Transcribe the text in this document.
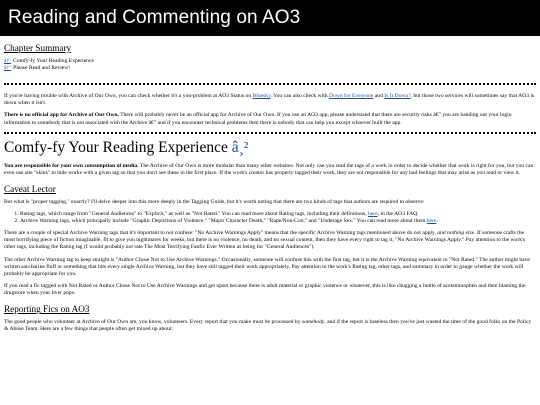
Reading and Commenting on AO3
Chapter Summary
â†’ Comfy-fy Your Reading Experience
â†’ Please Read and Review!

If you're having trouble with Archive of Our Own, you can check whether it's a you-problem at AO3 Status on Bluesky. You can also check with Down for Everyone and Is It Down?, but those two services will sometimes say that AO3 is down when it isn't.

There is no official app for Archive of Our Own. There will probably never be an official app for Archive of Our Own. If you use an AO3 app, please understand that there are security risks â€” you are handing out your login information to somebody that is not associated with the Archive â€” and if you encounter technical problems then there is nobody that can help you except whoever built the app.

Comfy-fy Your Reading Experience â¸²

You are responsible for your own consumption of media. The Archive of Our Own is more modular than many other websites: Not only can you read the tags of a work in order to decide whether that work is right for you, but you can even use site "skins" to hide works with a given tag so that you don't see these in the first place. If the work's creator has properly tagged their work, they are not responsible for any bad feelings that may arise as you read or view it.

Caveat Lector

But what is "proper tagging," exactly? I'll delve deeper into this more deeply in the Tagging Guide, but it's worth noting that there are two kinds of tags that authors are required to observe:

1. Rating tags, which range from "General Audiences" to "Explicit," as well as "Not Rated." You can read more about Rating tags, including their definitions, here, in the AO3 FAQ.
2. Archive Warning tags, which principally include "Graphic Depictions of Violence," "Major Character Death," "Rape/Non-Con," and "Underage Sex." You can read more about them here.

There are a couple of special Archive Warning tags that it's important to not confuse: "No Archive Warnings Apply" means that the specific Archive Warning tags mentioned above do not apply, and nothing else. If someone crafts the most horrifying piece of fiction imaginable, fit to give you nightmares for weeks, but there is no violence, no death, and no sexual content, then they have every right to tag it, "No Archive Warnings Apply." Pay attention to the work's other tags, including the Rating tag (I would probably not rate The Most Terrifying Fanfic Ever Written as being for "General Audiences").

The other Archive Warning tag to keep straight is "Author Chose Not to Use Archive Warnings." Occasionally, someone will confuse this with the first tag, but it is the Archive Warning equivalent to "Not Rated." The author might have written saccharine fluff or something that hits every single Archive Warning, but they have still tagged their work appropriately. Pay attention to the work's Rating tag, other tags, and summary in order to gauge whether the work will probably be appropriate for you.

If you read a fic tagged with Not Rated or Author Chose Not to Use Archive Warnings and get upset because there is adult material or graphic violence or whatever, this is like chugging a bottle of acetaminophen and then blaming the drugstore when your liver pops.

Reporting Fics on AO3

The good people who volunteer at Archive of Our Own are, you know, volunteers. Every report that you make must be processed by somebody, and if the report is baseless then you've just wasted the time of the good folks on the Policy & Abuse Team. Here are a few things that people often get mixed up about:
